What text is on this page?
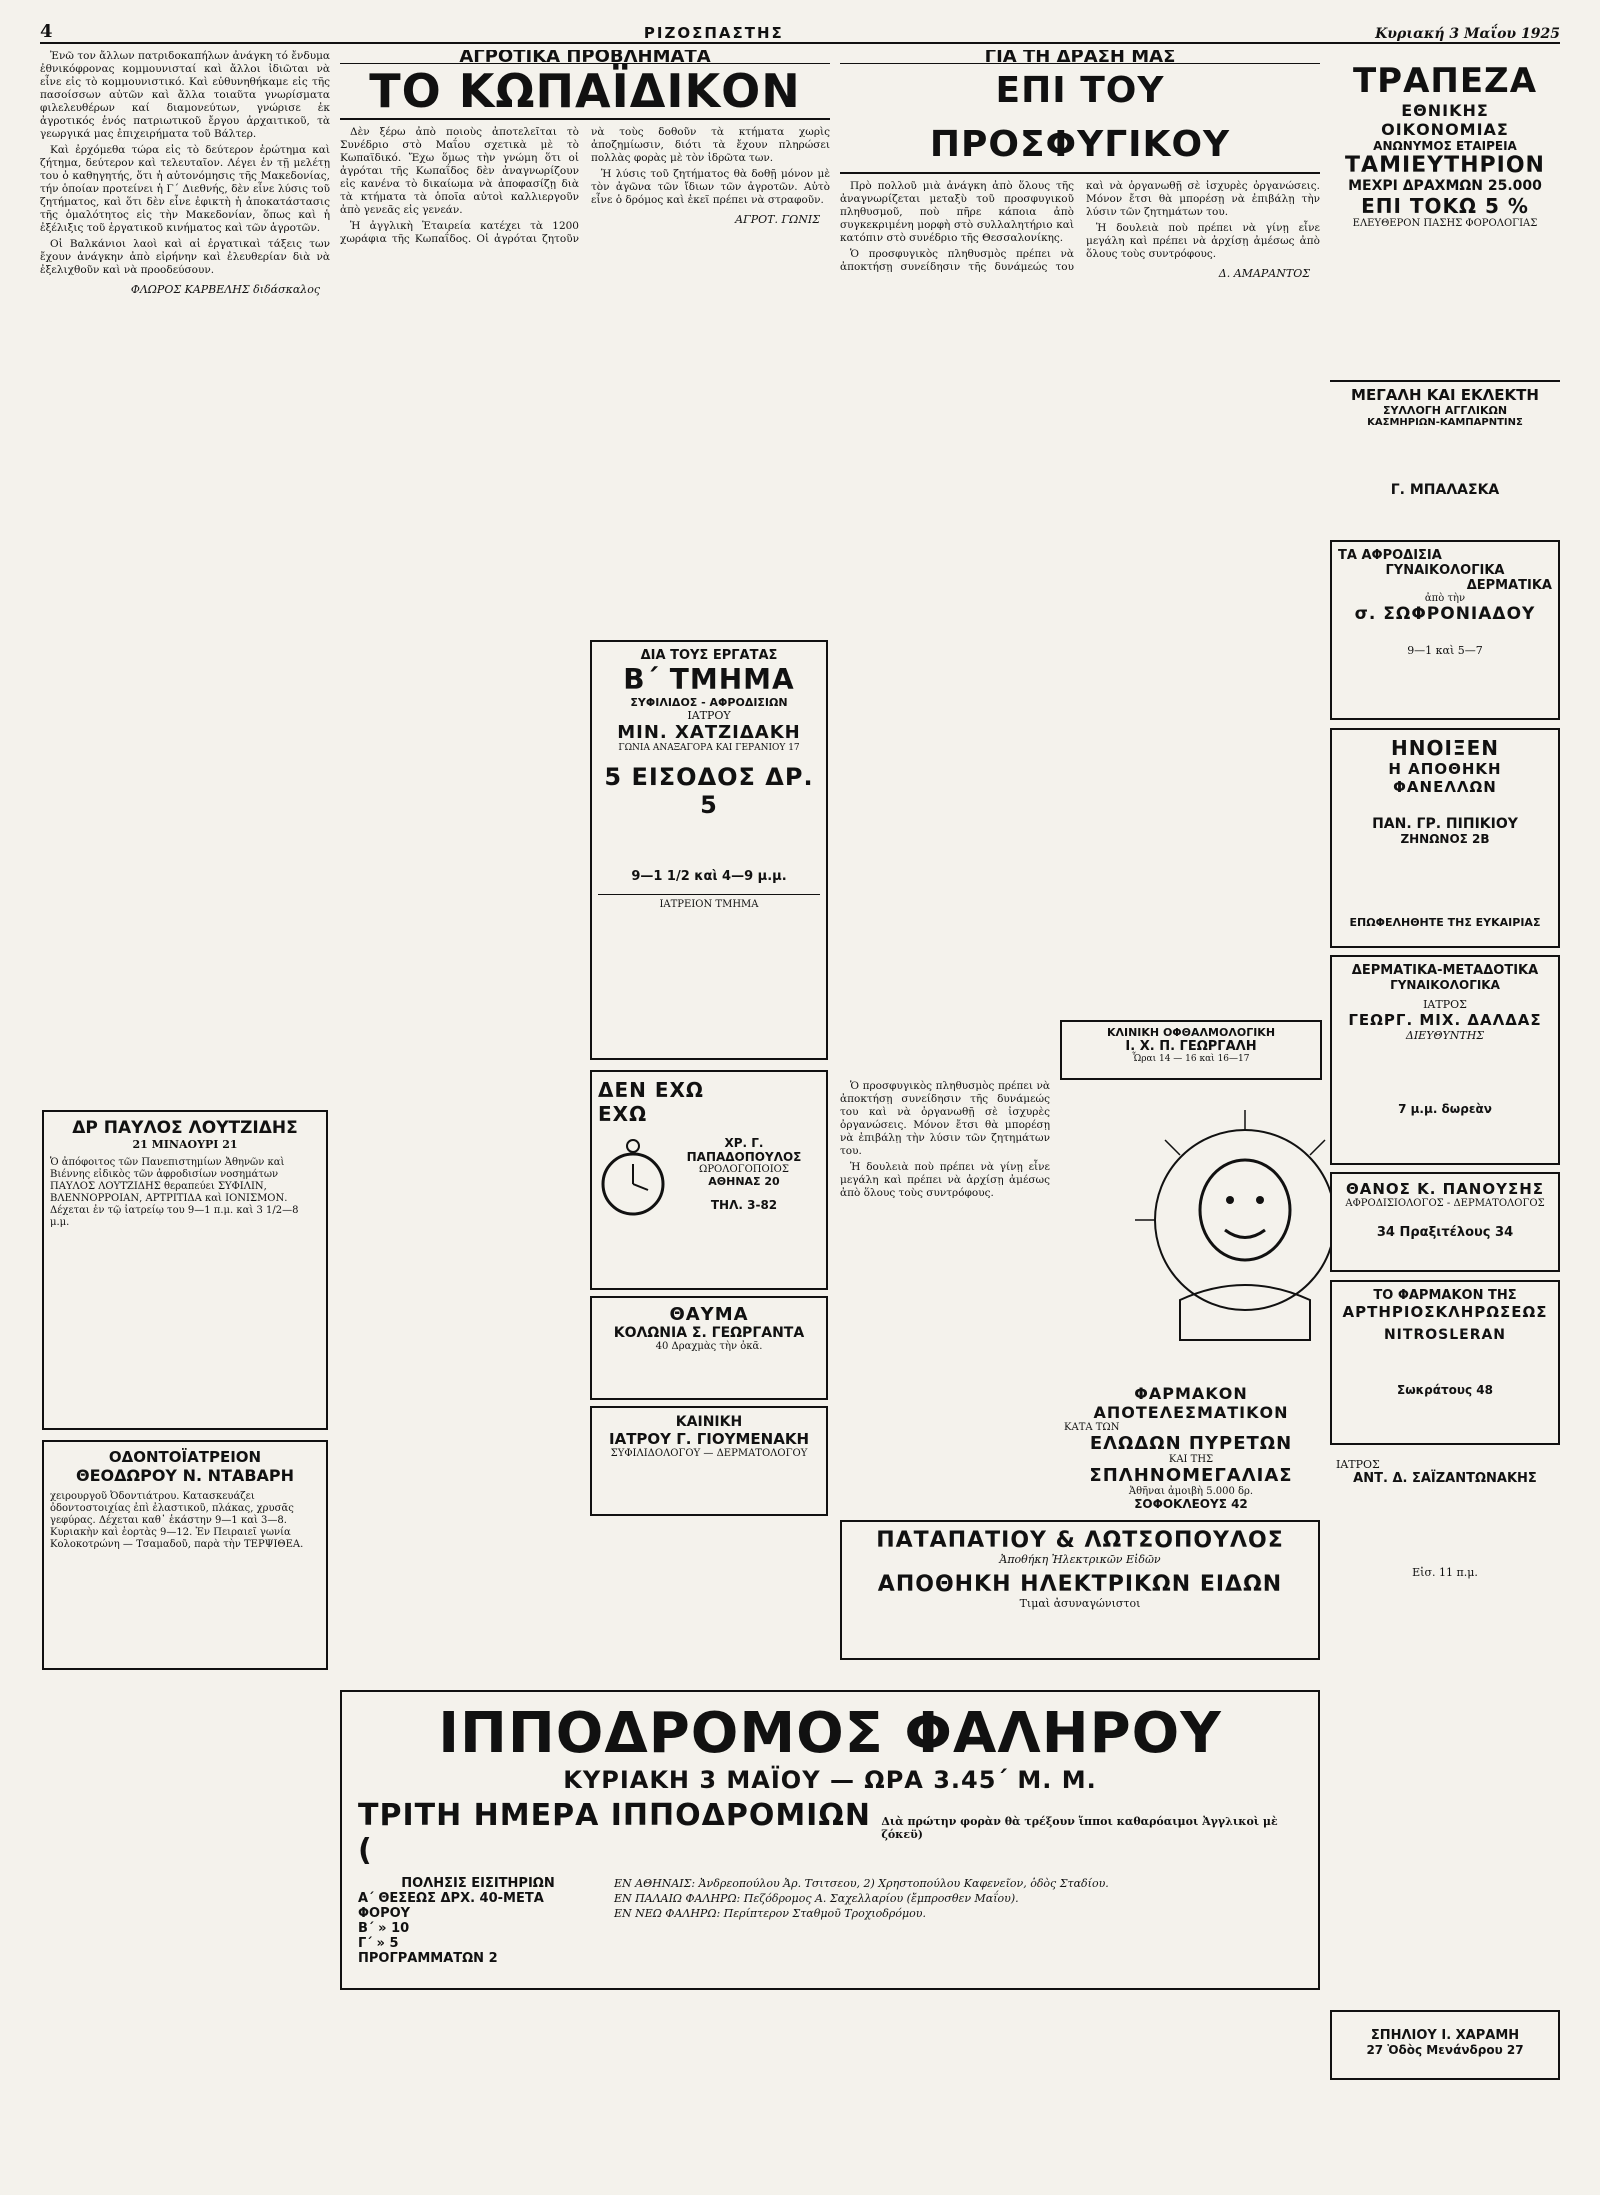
4	ΡΙΖΟΣΠΑΣΤΗΣ	Κυριακή 3 Μαΐου 1925

Ἐνῶ τον ἄλλων πατριδοκαπήλων ἀνάγκη τό ἔνδυμα ἐθνικόφρονας κομμουνισταί καὶ ἄλλοι ἰδιῶται νὰ εἶνε εἰς τὸ κομμουνιστικό. Καὶ εὐθυνηθήκαμε εἰς τῆς πασοίσσων αὐτῶν καὶ ἄλλα τοιαῦτα γνωρίσματα φιλελευθέρων καί διαμονεύτων, γνώρισε ἐκ ἀγροτικός ἑνός πατριωτικοῦ ἔργου ἀρχαιτικοῦ, τὰ γεωργικά μας ἐπιχειρήματα τοῦ Βάλτερ.

Καὶ ἐρχόμεθα τώρα εἰς τὸ δεύτερον ἐρώτημα καὶ ζήτημα, δεύτερον καὶ τελευταῖον. Λέγει ἐν τῇ μελέτῃ του ὁ καθηγητής, ὅτι ἡ αὐτονόμησις τῆς Μακεδονίας, τήν ὁποίαν προτείνει ἡ Γ΄ Διεθνής, δὲν εἶνε λύσις τοῦ ζητήματος, καὶ ὅτι δὲν εἶνε ἐφικτὴ ἡ ἀποκατάστασις τῆς ὁμαλότητος εἰς τὴν Μακεδονίαν, ὅπως καὶ ἡ ἐξέλιξις τοῦ ἐργατικοῦ κινήματος καὶ τῶν ἀγροτῶν.

Οἱ Βαλκάνιοι λαοὶ καὶ αἱ ἐργατικαὶ τάξεις των ἔχουν ἀνάγκην ἀπὸ εἰρήνην καὶ ἐλευθερίαν διὰ νὰ ἐξελιχθοῦν καὶ νὰ προοδεύσουν.

ΦΛΩΡΟΣ ΚΑΡΒΕΛΗΣ διδάσκαλος
ΔΡ ΠΑΥΛΟΣ ΛΟΥΤΖΙΔΗΣ
21 ΜΙΝΑΟΥΡΙ 21
Ὁ ἀπόφοιτος τῶν Πανεπιστημίων Ἀθηνῶν καὶ Βιέννης εἰδικὸς τῶν ἀφροδισίων νοσημάτων ΠΑΥΛΟΣ ΛΟΥΤΖΙΔΗΣ θεραπεύει ΣΥΦΙΛΙΝ, ΒΛΕΝΝΟΡΡΟΙΑΝ, ΑΡΤΡΙΤΙΔΑ καὶ ΙΟΝΙΣΜΟΝ. Δέχεται ἐν τῷ ἰατρείῳ του 9—1 π.μ. καὶ 3 1/2—8 μ.μ.
ΟΔΟΝΤΟΪΑΤΡΕΙΟΝ
ΘΕΟΔΩΡΟΥ Ν. ΝΤΑΒΑΡΗ
χειρουργοῦ Ὀδοντιάτρου. Κατασκευάζει ὀδοντοστοιχίας ἐπὶ ἐλαστικοῦ, πλάκας, χρυσᾶς γεφύρας. Δέχεται καθ᾽ ἑκάστην 9—1 καὶ 3—8. Κυριακὴν καὶ ἑορτὰς 9—12. Ἐν Πειραιεῖ γωνία Κολοκοτρώνη — Τσαμαδοῦ, παρὰ τὴν ΤΕΡΨΙΘΕΑ.
ΑΓΡΟΤΙΚΑ ΠΡΟΒΛΗΜΑΤΑ
ΤΟ ΚΩΠΑΪΔΙΚΟΝ

Δὲν ξέρω ἀπὸ ποιοὺς ἀποτελεῖται τὸ Συνέδριο στὸ Μαΐου σχετικὰ μὲ τὸ Κωπαϊδικό. Ἔχω ὅμως τὴν γνώμη ὅτι οἱ ἀγρόται τῆς Κωπαΐδος δὲν ἀναγνωρίζουν εἰς κανένα τὸ δικαίωμα νὰ ἀποφασίζῃ διὰ τὰ κτήματα τὰ ὁποῖα αὐτοὶ καλλιεργοῦν ἀπὸ γενεᾶς εἰς γενεάν.

Ἡ ἀγγλικὴ Ἑταιρεία κατέχει τὰ 1200 χωράφια τῆς Κωπαΐδος. Οἱ ἀγρόται ζητοῦν νὰ τοὺς δοθοῦν τὰ κτήματα χωρὶς ἀποζημίωσιν, διότι τὰ ἔχουν πληρώσει πολλὰς φορὰς μὲ τὸν ἱδρῶτα των.

Ἡ λύσις τοῦ ζητήματος θὰ δοθῇ μόνον μὲ τὸν ἀγῶνα τῶν ἴδιων τῶν ἀγροτῶν. Αὐτὸ εἶνε ὁ δρόμος καὶ ἐκεῖ πρέπει νὰ στραφοῦν.

ΑΓΡΟΤ. ΓΩΝΙΣ
ΓΙΑ ΤΗ ΔΡΑΣΗ ΜΑΣ
ΕΠΙ ΤΟΥ ΠΡΟΣΦΥΓΙΚΟΥ

Πρὸ πολλοῦ μιὰ ἀνάγκη ἀπὸ ὅλους τῆς ἀναγνωρίζεται μεταξὺ τοῦ προσφυγικοῦ πληθυσμοῦ, ποὺ πῆρε κάποια ἀπὸ συγκεκριμένη μορφὴ στὸ συλλαλητήριο καὶ κατόπιν στὸ συνέδριο τῆς Θεσσαλονίκης.

Ὁ προσφυγικὸς πληθυσμὸς πρέπει νὰ ἀποκτήσῃ συνείδησιν τῆς δυνάμεώς του καὶ νὰ ὀργανωθῇ σὲ ἰσχυρὲς ὀργανώσεις. Μόνον ἔτσι θὰ μπορέσῃ νὰ ἐπιβάλῃ τὴν λύσιν τῶν ζητημάτων του.

Ἡ δουλειὰ ποὺ πρέπει νὰ γίνῃ εἶνε μεγάλη καὶ πρέπει νὰ ἀρχίσῃ ἀμέσως ἀπὸ ὅλους τοὺς συντρόφους.

Δ. ΑΜΑΡΑΝΤΟΣ
ΔΙΑ ΤΟΥΣ ΕΡΓΑΤΑΣ
Β΄ ΤΜΗΜΑ
ΣΥΦΙΛΙΔΟΣ - ΑΦΡΟΔΙΣΙΩΝ
ΙΑΤΡΟΥ
ΜΙΝ. ΧΑΤΖΙΔΑΚΗ
ΓΩΝΙΑ ΑΝΑΞΑΓΟΡΑ ΚΑΙ ΓΕΡΑΝΙΟΥ 17
5 ΕΙΣΟΔΟΣ ΔΡ. 5
9—1 1/2 καὶ 4—9 μ.μ.
ΙΑΤΡΕΙΟΝ ΤΜΗΜΑ
ΔΕΝ ΕΧΩ
ΕΧΩ
ΧΡ. Γ. ΠΑΠΑΔΟΠΟΥΛΟΣ
ΩΡΟΛΟΓΟΠΟΙΟΣ
ΑΘΗΝΑΣ 20
ΤΗΛ. 3-82
ΘΑΥΜΑ
ΚΟΛΩΝΙΑ Σ. ΓΕΩΡΓΑΝΤΑ
40 Δραχμὰς τὴν ὀκᾶ.
ΚΑΙΝΙΚΗ
ΙΑΤΡΟΥ Γ. ΓΙΟΥΜΕΝΑΚΗ
ΣΥΦΙΛΙΔΟΛΟΓΟΥ — ΔΕΡΜΑΤΟΛΟΓΟΥ
ΚΛΙΝΙΚΗ ΟΦΘΑΛΜΟΛΟΓΙΚΗ
Ι. Χ. Π. ΓΕΩΡΓΑΛΗ
Ὧραι 14 — 16 καὶ 16—17
ΦΑΡΜΑΚΟΝ
ΑΠΟΤΕΛΕΣΜΑΤΙΚΟΝ
ΚΑΤΑ ΤΩΝ
ΕΛΩΔΩΝ ΠΥΡΕΤΩΝ
ΚΑΙ ΤΗΣ
ΣΠΛΗΝΟΜΕΓΑΛΙΑΣ
Ἀθῆναι ἀμοιβὴ 5.000 δρ.
ΣΟΦΟΚΛΕΟΥΣ 42

Ὁ προσφυγικὸς πληθυσμὸς πρέπει νὰ ἀποκτήσῃ συνείδησιν τῆς δυνάμεώς του καὶ νὰ ὀργανωθῇ σὲ ἰσχυρὲς ὀργανώσεις. Μόνον ἔτσι θὰ μπορέσῃ νὰ ἐπιβάλῃ τὴν λύσιν τῶν ζητημάτων του.

Ἡ δουλειὰ ποὺ πρέπει νὰ γίνῃ εἶνε μεγάλη καὶ πρέπει νὰ ἀρχίσῃ ἀμέσως ἀπὸ ὅλους τοὺς συντρόφους.

ΠΑΤΑΠΑΤΙΟΥ & ΛΩΤΣΟΠΟΥΛΟΣ
Ἀποθήκη Ἠλεκτρικῶν Εἰδῶν
ΑΠΟΘΗΚΗ ΗΛΕΚΤΡΙΚΩΝ ΕΙΔΩΝ
Τιμαὶ ἀσυναγώνιστοι
ΤΡΑΠΕΖΑ
ΕΘΝΙΚΗΣ ΟΙΚΟΝΟΜΙΑΣ
ΑΝΩΝΥΜΟΣ ΕΤΑΙΡΕΙΑ
ΤΑΜΙΕΥΤΗΡΙΟΝ
ΜΕΧΡΙ ΔΡΑΧΜΩΝ 25.000
ΕΠΙ ΤΟΚΩ 5 %
ΕΛΕΥΘΕΡΟΝ ΠΑΣΗΣ ΦΟΡΟΛΟΓΙΑΣ
ΜΕΓΑΛΗ ΚΑΙ ΕΚΛΕΚΤΗ
ΣΥΛΛΟΓΗ ΑΓΓΛΙΚΩΝ
ΚΑΣΜΗΡΙΩΝ-ΚΑΜΠΑΡΝΤΙΝΣ
Γ. ΜΠΑΛΑΣΚΑ
ΤΑ ΑΦΡΟΔΙΣΙΑ
ΓΥΝΑΙΚΟΛΟΓΙΚΑ
ΔΕΡΜΑΤΙΚΑ
ἀπὸ τὴν
σ. ΣΩΦΡΟΝΙΑΔΟΥ
9—1 καὶ 5—7
ΗΝΟΙΞΕΝ
Η ΑΠΟΘΗΚΗ ΦΑΝΕΛΛΩΝ
ΠΑΝ. ΓΡ. ΠΙΠΙΚΙΟΥ
ΖΗΝΩΝΟΣ 2Β
ΕΠΩΦΕΛΗΘΗΤΕ ΤΗΣ ΕΥΚΑΙΡΙΑΣ
ΔΕΡΜΑΤΙΚΑ-ΜΕΤΑΔΟΤΙΚΑ
ΓΥΝΑΙΚΟΛΟΓΙΚΑ
ΙΑΤΡΟΣ
ΓΕΩΡΓ. ΜΙΧ. ΔΑΛΔΑΣ
ΔΙΕΥΘΥΝΤΗΣ
7 μ.μ. δωρεὰν
ΘΑΝΟΣ Κ. ΠΑΝΟΥΣΗΣ
ΑΦΡΟΔΙΣΙΟΛΟΓΟΣ - ΔΕΡΜΑΤΟΛΟΓΟΣ
34 Πραξιτέλους 34
ΤΟ ΦΑΡΜΑΚΟΝ ΤΗΣ
ΑΡΤΗΡΙΟΣΚΛΗΡΩΣΕΩΣ
NITROSLERAN
Σωκράτους 48
ΙΑΤΡΟΣ
ΑΝΤ. Δ. ΣΑΪΖΑΝΤΩΝΑΚΗΣ
Εἰσ. 11 π.μ.
ΙΠΠΟΔΡΟΜΟΣ ΦΑΛΗΡΟΥ
ΚΥΡΙΑΚΗ 3 ΜΑΪΟΥ — ΩΡΑ 3.45΄ Μ. Μ.
ΤΡΙΤΗ ΗΜΕΡΑ ΙΠΠΟΔΡΟΜΙΩΝ (
Διὰ πρώτην φορὰν θὰ τρέξουν ἵπποι καθαρόαιμοι Ἀγγλικοὶ μὲ ζόκεϋ)
ΠΟΛΗΣΙΣ ΕΙΣΙΤΗΡΙΩΝ
Α΄ ΘΕΣΕΩΣ ΔΡΧ. 40-ΜΕΤΑ ΦΟΡΟΥ
Β΄ » 10
Γ΄ » 5
ΠΡΟΓΡΑΜΜΑΤΩΝ 2
ΕΝ ΑΘΗΝΑΙΣ: Ἀνδρεοπούλου Ἀρ. Τσιτσεου, 2) Χρηστοπούλου Καφενεῖον, ὁδὸς Σταδίου.
ΕΝ ΠΑΛΑΙΩ ΦΑΛΗΡΩ: Πεζόδρομος Α. Σαχελλαρίου (ἔμπροσθεν Μαΐου).
ΕΝ ΝΕΩ ΦΑΛΗΡΩ: Περίπτερον Σταθμοῦ Τροχιοδρόμου.
ΣΠΗΛΙΟΥ Ι. ΧΑΡΑΜΗ
27 Ὁδὸς Μενάνδρου 27
